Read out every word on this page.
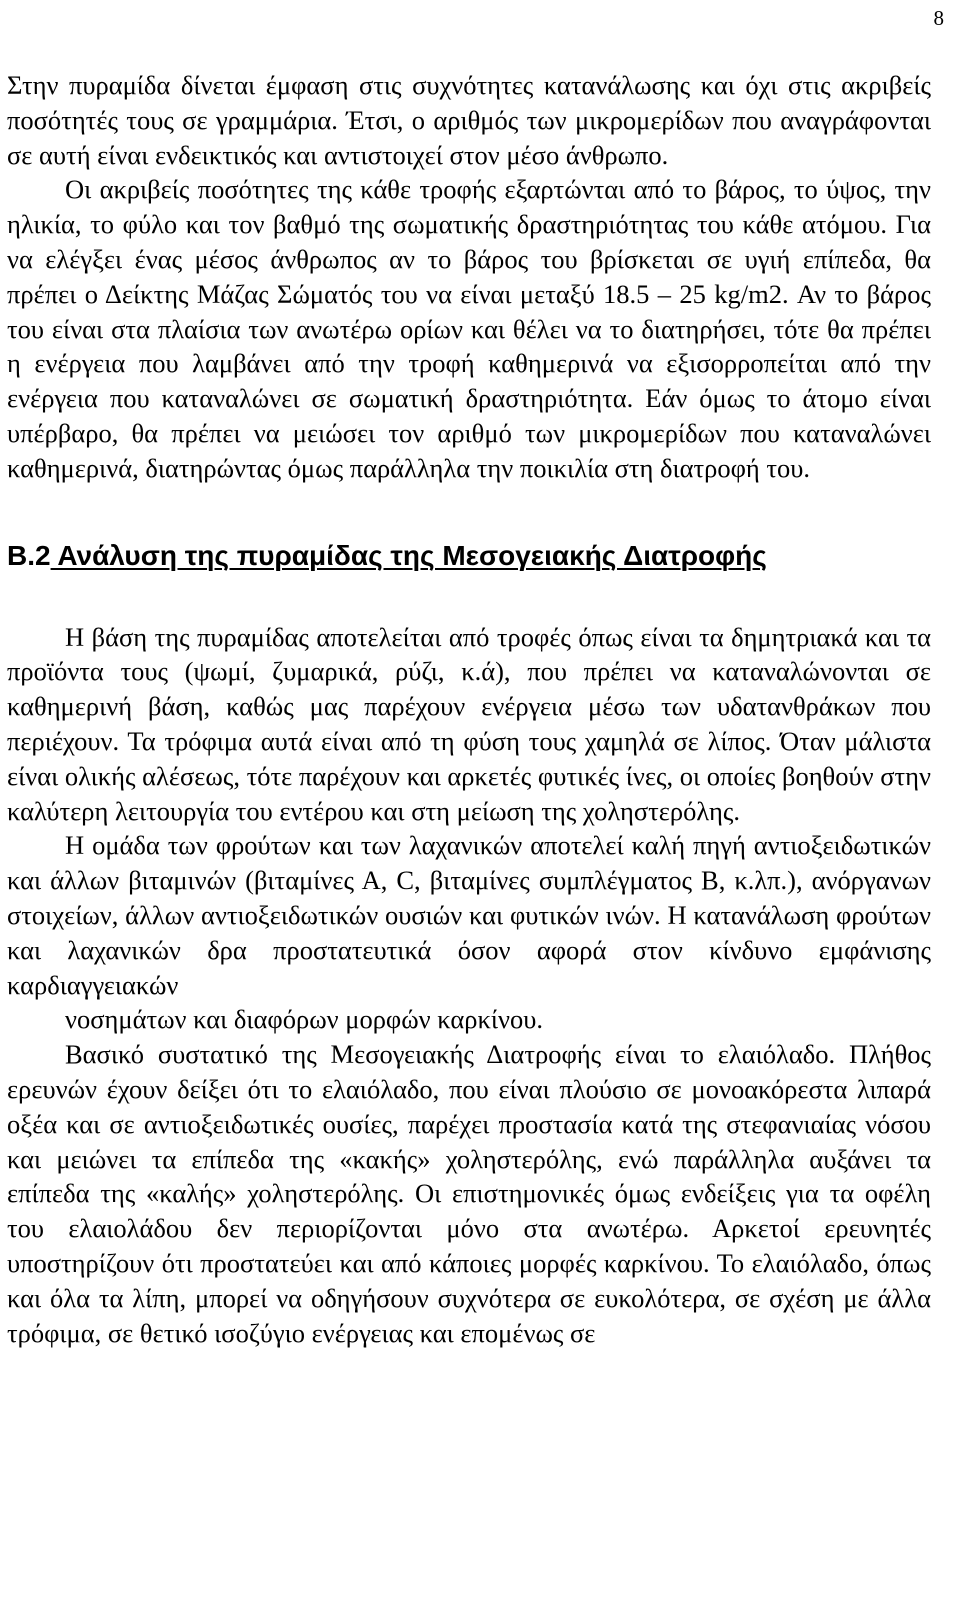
8

Στην πυραμίδα δίνεται έμφαση στις συχνότητες κατανάλωσης και όχι στις ακριβείς ποσότητές τους σε γραμμάρια. Έτσι, ο αριθμός των μικρομερίδων που αναγράφονται σε αυτή είναι ενδεικτικός και αντιστοιχεί στον μέσο άνθρωπο.

Οι ακριβείς ποσότητες της κάθε τροφής εξαρτώνται από το βάρος, το ύψος, την ηλικία, το φύλο και τον βαθμό της σωματικής δραστηριότητας του κάθε ατόμου. Για να ελέγξει ένας μέσος άνθρωπος αν το βάρος του βρίσκεται σε υγιή επίπεδα, θα πρέπει ο Δείκτης Μάζας Σώματός του να είναι μεταξύ 18.5 – 25 kg/m2. Αν το βάρος του είναι στα πλαίσια των ανωτέρω ορίων και θέλει να το διατηρήσει, τότε θα πρέπει η ενέργεια που λαμβάνει από την τροφή καθημερινά να εξισορροπείται από την ενέργεια που καταναλώνει σε σωματική δραστηριότητα. Εάν όμως το άτομο είναι υπέρβαρο, θα πρέπει να μειώσει τον αριθμό των μικρομερίδων που καταναλώνει καθημερινά, διατηρώντας όμως παράλληλα την ποικιλία στη διατροφή του.

Β.2 Ανάλυση της πυραμίδας της Μεσογειακής Διατροφής

Η βάση της πυραμίδας αποτελείται από τροφές όπως είναι τα δημητριακά και τα προϊόντα τους (ψωμί, ζυμαρικά, ρύζι, κ.ά), που πρέπει να καταναλώνονται σε καθημερινή βάση, καθώς μας παρέχουν ενέργεια μέσω των υδατανθράκων που περιέχουν. Τα τρόφιμα αυτά είναι από τη φύση τους χαμηλά σε λίπος. Όταν μάλιστα είναι ολικής αλέσεως, τότε παρέχουν και αρκετές φυτικές ίνες, οι οποίες βοηθούν στην καλύτερη λειτουργία του εντέρου και στη μείωση της χοληστερόλης.

Η ομάδα των φρούτων και των λαχανικών αποτελεί καλή πηγή αντιοξειδωτικών και άλλων βιταμινών (βιταμίνες Α, C, βιταμίνες συμπλέγματος Β, κ.λπ.), ανόργανων στοιχείων, άλλων αντιοξειδωτικών ουσιών και φυτικών ινών. Η κατανάλωση φρούτων και λαχανικών δρα προστατευτικά όσον αφορά στον κίνδυνο εμφάνισης καρδιαγγειακών

νοσημάτων και διαφόρων μορφών καρκίνου.

Βασικό συστατικό της Μεσογειακής Διατροφής είναι το ελαιόλαδο. Πλήθος ερευνών έχουν δείξει ότι το ελαιόλαδο, που είναι πλούσιο σε μονοακόρεστα λιπαρά οξέα και σε αντιοξειδωτικές ουσίες, παρέχει προστασία κατά της στεφανιαίας νόσου και μειώνει τα επίπεδα της «κακής» χοληστερόλης, ενώ παράλληλα αυξάνει τα επίπεδα της «καλής» χοληστερόλης. Οι επιστημονικές όμως ενδείξεις για τα οφέλη του ελαιολάδου δεν περιορίζονται μόνο στα ανωτέρω. Αρκετοί ερευνητές υποστηρίζουν ότι προστατεύει και από κάποιες μορφές καρκίνου. Το ελαιόλαδο, όπως και όλα τα λίπη, μπορεί να οδηγήσουν συχνότερα σε ευκολότερα, σε σχέση με άλλα τρόφιμα, σε θετικό ισοζύγιο ενέργειας και επομένως σε
